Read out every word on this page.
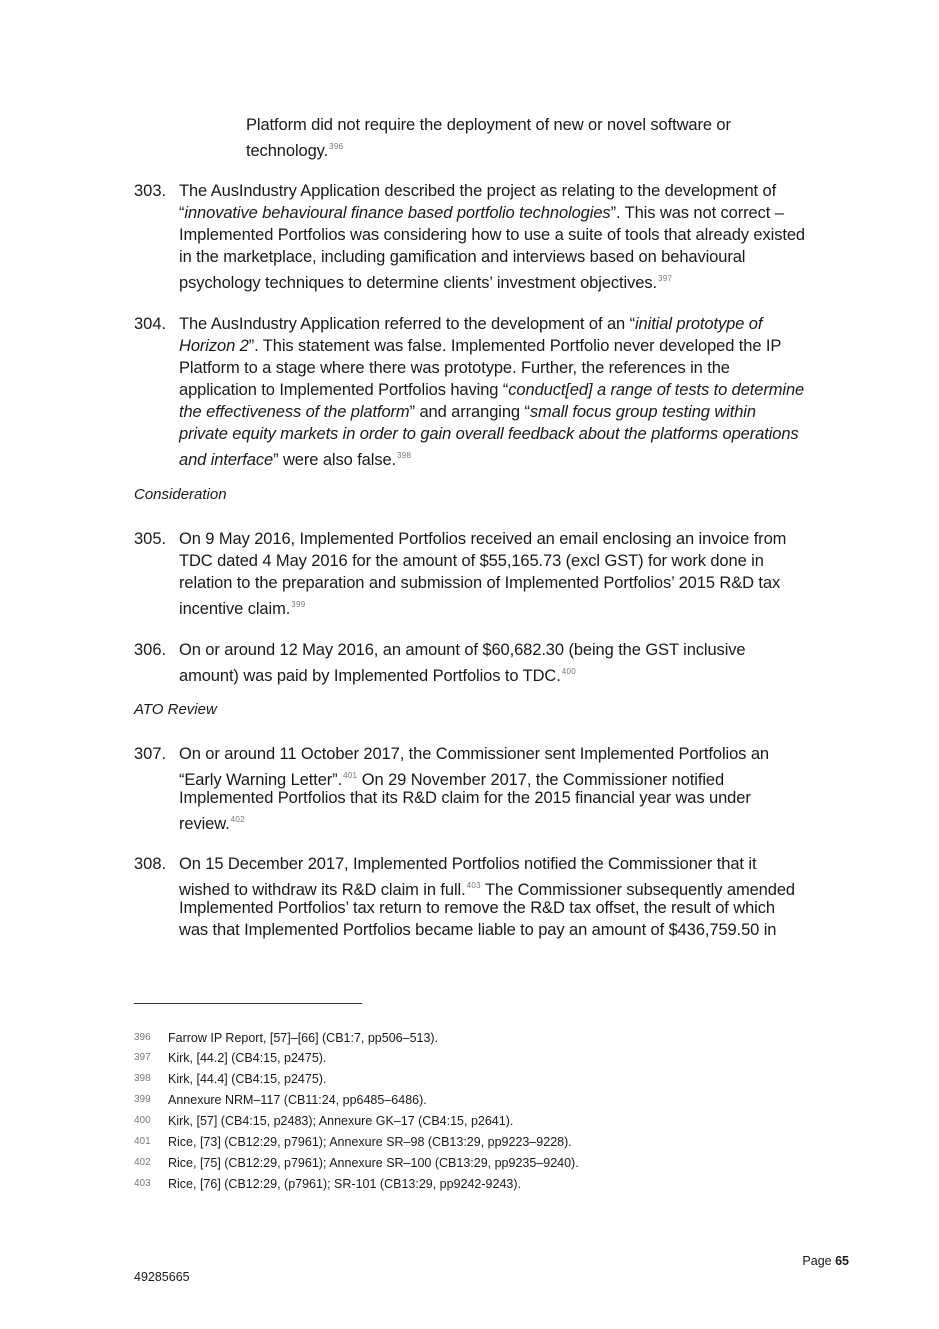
Platform did not require the deployment of new or novel software or
technology.$^{396}$
303. The AusIndustry Application described the project as relating to the development of
“innovative behavioural finance based portfolio technologies”. This was not correct –
Implemented Portfolios was considering how to use a suite of tools that already existed
in the marketplace, including gamification and interviews based on behavioural
psychology techniques to determine clients’ investment objectives.$^{397}$
304. The AusIndustry Application referred to the development of an “initial prototype of
Horizon 2”. This statement was false. Implemented Portfolio never developed the IP
Platform to a stage where there was prototype. Further, the references in the
application to Implemented Portfolios having “conduct[ed] a range of tests to determine
the effectiveness of the platform” and arranging “small focus group testing within
private equity markets in order to gain overall feedback about the platforms operations
and interface” were also false.$^{398}$
Consideration
305. On 9 May 2016, Implemented Portfolios received an email enclosing an invoice from
TDC dated 4 May 2016 for the amount of $55,165.73 (excl GST) for work done in
relation to the preparation and submission of Implemented Portfolios’ 2015 R&D tax
incentive claim.$^{399}$
306. On or around 12 May 2016, an amount of $60,682.30 (being the GST inclusive
amount) was paid by Implemented Portfolios to TDC.$^{400}$
ATO Review
307. On or around 11 October 2017, the Commissioner sent Implemented Portfolios an
“Early Warning Letter”.$^{401}$ On 29 November 2017, the Commissioner notified
Implemented Portfolios that its R&D claim for the 2015 financial year was under
review.$^{402}$
308. On 15 December 2017, Implemented Portfolios notified the Commissioner that it
wished to withdraw its R&D claim in full.$^{403}$ The Commissioner subsequently amended
Implemented Portfolios’ tax return to remove the R&D tax offset, the result of which
was that Implemented Portfolios became liable to pay an amount of $436,759.50 in
396 Farrow IP Report, [57]–[66] (CB1:7, pp506–513).
397 Kirk, [44.2] (CB4:15, p2475).
398 Kirk, [44.4] (CB4:15, p2475).
399 Annexure NRM–117 (CB11:24, pp6485–6486).
400 Kirk, [57] (CB4:15, p2483); Annexure GK–17 (CB4:15, p2641).
401 Rice, [73] (CB12:29, p7961); Annexure SR–98 (CB13:29, pp9223–9228).
402 Rice, [75] (CB12:29, p7961); Annexure SR–100 (CB13:29, pp9235–9240).
403 Rice, [76] (CB12:29, (p7961); SR-101 (CB13:29, pp9242-9243).
Page 65
49285665
